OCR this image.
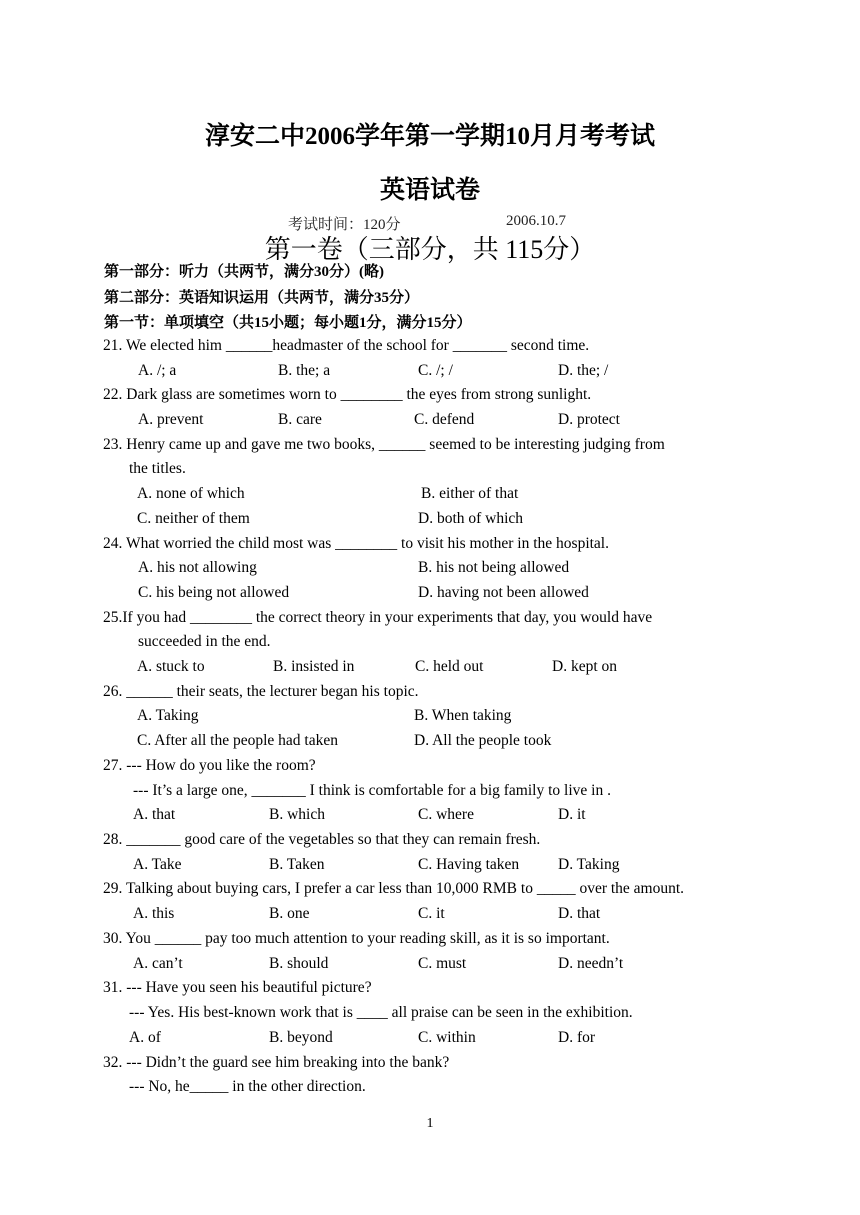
淳安二中2006学年第一学期10月月考考试
英语试卷
考试时间：120分	2006.10.7
第一卷（三部分，共 115分）
第一部分：听力（共两节，满分30分）(略)
第二部分：英语知识运用（共两节，满分35分）
第一节：单项填空（共15小题；每小题1分，满分15分）
21. We elected him ______headmaster of the school for _______ second time.
A. /; a	B. the; a	C. /; /	D. the; /
22. Dark glass are sometimes worn to ________ the eyes from strong sunlight.
A. prevent	B. care	C. defend	D. protect
23. Henry came up and gave me two books, ______ seemed to be interesting judging from
the titles.
A. none of which	B. either of that
C. neither of them	D. both of which
24. What worried the child most was ________ to visit his mother in the hospital.
A. his not allowing	B. his not being allowed
C. his being not allowed	D. having not been allowed
25.If you had ________ the correct theory in your experiments that day, you would have
succeeded in the end.
A. stuck to	B. insisted in	C. held out	D. kept on
26. ______ their seats, the lecturer began his topic.
A. Taking	B. When taking
C. After all the people had taken	D. All the people took
27. --- How do you like the room?
--- It’s a large one, _______ I think is comfortable for a big family to live in .
A. that	B. which	C. where	D. it
28. _______ good care of the vegetables so that they can remain fresh.
A. Take	B. Taken	C. Having taken	D. Taking
29. Talking about buying cars, I prefer a car less than 10,000 RMB to _____ over the amount.
A. this	B. one	C. it	D. that
30. You ______ pay too much attention to your reading skill, as it is so important.
A. can’t	B. should	C. must	D. needn’t
31. --- Have you seen his beautiful picture?
--- Yes. His best-known work that is ____ all praise can be seen in the exhibition.
A. of	B. beyond	C. within	D. for
32. --- Didn’t the guard see him breaking into the bank?
--- No, he_____ in the other direction.
1
